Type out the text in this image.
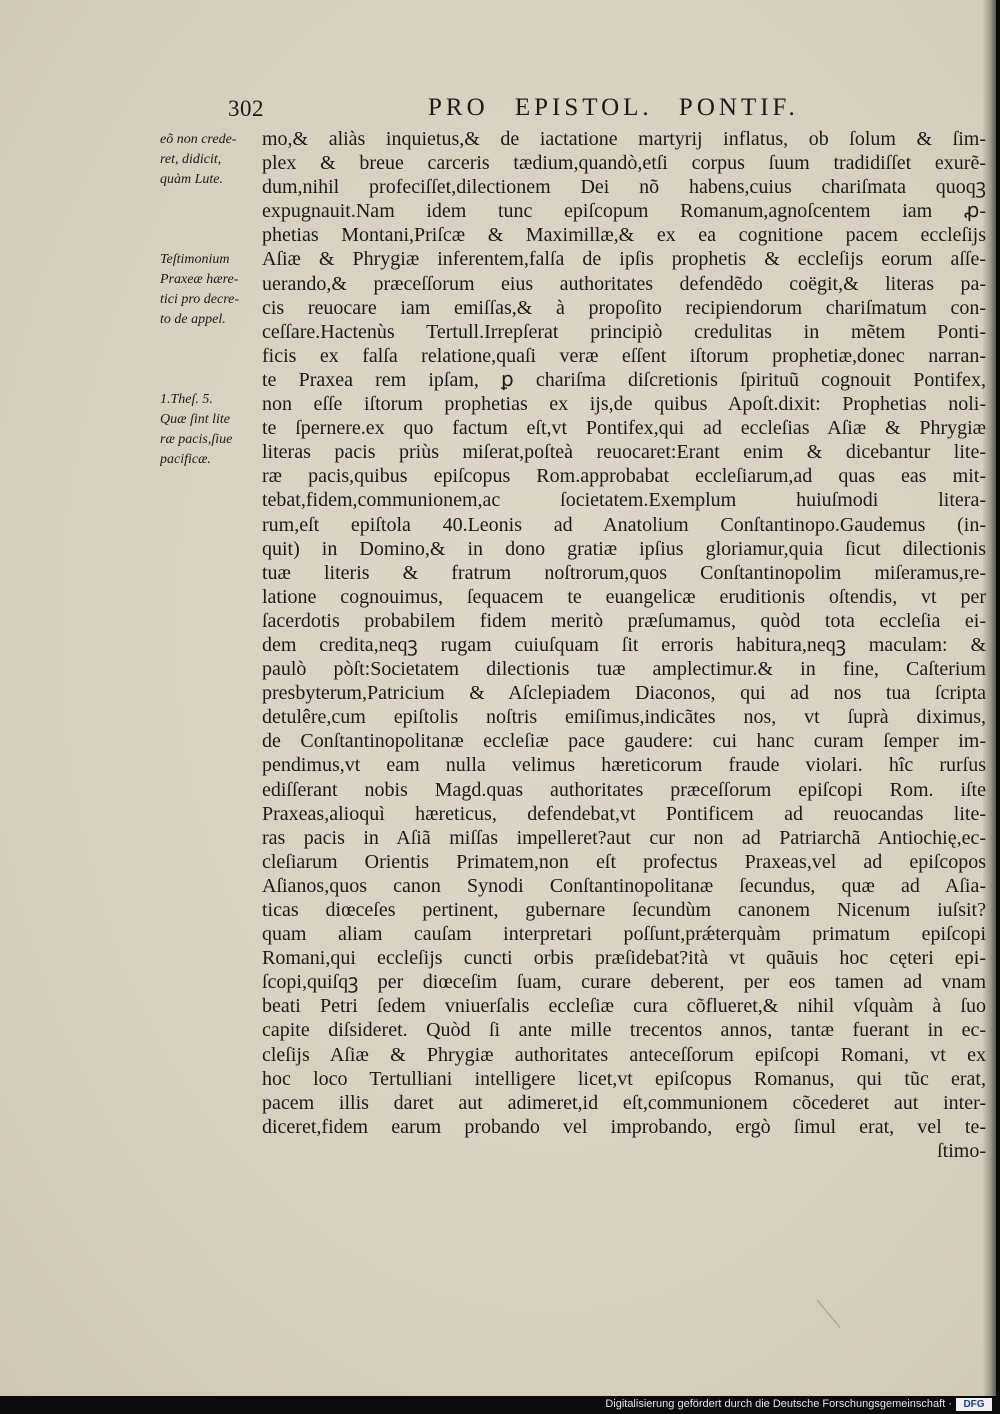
302	PRO EPISTOL. PONTIF.
eõ non crede-
ret, didicit,
quàm Lute.

Teſtimonium
Praxeæ hære-
tici pro decre-
to de appel.

1.Theſ. 5.
Quæ ſint lite
ræ pacis,ſiue
pacificæ.
mo,& aliàs inquietus,& de iactatione martyrij inflatus, ob ſolum & ſim-
plex & breue carceris tædium,quandò,etſi corpus ſuum tradidiſſet exurẽ-
dum,nihil profeciſſet,dilectionem Dei nõ habens,cuius chariſmata quoqꝫ
expugnauit.Nam idem tunc epiſcopum Romanum,agnoſcentem iam ꝓ-
phetias Montani,Priſcæ & Maximillæ,& ex ea cognitione pacem eccleſijs
Aſiæ & Phrygiæ inferentem,falſa de ipſis prophetis & eccleſijs eorum aſſe-
uerando,& præceſſorum eius authoritates defendẽdo coëgit,& literas pa-
cis reuocare iam emiſſas,& à propoſito recipiendorum chariſmatum con-
ceſſare.Hactenùs Tertull.Irrepſerat principiò credulitas in mẽtem Ponti-
ficis ex falſa relatione,quaſi veræ eſſent iſtorum prophetiæ,donec narran-
te Praxea rem ipſam, ꝑ chariſma diſcretionis ſpirituũ cognouit Pontifex,
non eſſe iſtorum prophetias ex ijs,de quibus Apoſt.dixit: Prophetias noli-
te ſpernere.ex quo factum eſt,vt Pontifex,qui ad eccleſias Aſiæ & Phrygiæ
literas pacis priùs miſerat,poſteà reuocaret:Erant enim & dicebantur lite-
ræ pacis,quibus epiſcopus Rom.approbabat eccleſiarum,ad quas eas mit-
tebat,fidem,communionem,ac ſocietatem.Exemplum huiuſmodi litera-
rum,eſt epiſtola 40.Leonis ad Anatolium Conſtantinopo.Gaudemus (in-
quit) in Domino,& in dono gratiæ ipſius gloriamur,quia ſicut dilectionis
tuæ literis & fratrum noſtrorum,quos Conſtantinopolim miſeramus,re-
latione cognouimus, ſequacem te euangelicæ eruditionis oſtendis, vt per
ſacerdotis probabilem fidem meritò præſumamus, quòd tota eccleſia ei-
dem credita,neqꝫ rugam cuiuſquam ſit erroris habitura,neqꝫ maculam: &
paulò pòſt:Societatem dilectionis tuæ amplectimur.& in fine, Caſterium
presbyterum,Patricium & Aſclepiadem Diaconos, qui ad nos tua ſcripta
detulêre,cum epiſtolis noſtris emiſimus,indicãtes nos, vt ſuprà diximus,
de Conſtantinopolitanæ eccleſiæ pace gaudere: cui hanc curam ſemper im-
pendimus,vt eam nulla velimus hæreticorum fraude violari. hîc rurſus
ediſſerant nobis Magd.quas authoritates præceſſorum epiſcopi Rom. iſte
Praxeas,alioquì hæreticus, defendebat,vt Pontificem ad reuocandas lite-
ras pacis in Aſiã miſſas impelleret?aut cur non ad Patriarchã Antiochię,ec-
cleſiarum Orientis Primatem,non eſt profectus Praxeas,vel ad epiſcopos
Aſianos,quos canon Synodi Conſtantinopolitanæ ſecundus, quæ ad Aſia-
ticas diœceſes pertinent, gubernare ſecundùm canonem Nicenum iuſsit?
quam aliam cauſam interpretari poſſunt,prǽterquàm primatum epiſcopi
Romani,qui eccleſijs cuncti orbis præſidebat?ità vt quãuis hoc cęteri epi-
ſcopi,quiſqꝫ per diœceſim ſuam, curare deberent, per eos tamen ad vnam
beati Petri ſedem vniuerſalis eccleſiæ cura cõflueret,& nihil vſquàm à ſuo
capite diſsideret. Quòd ſi ante mille trecentos annos, tantæ fuerant in ec-
cleſijs Aſiæ & Phrygiæ authoritates anteceſſorum epiſcopi Romani, vt ex
hoc loco Tertulliani intelligere licet,vt epiſcopus Romanus, qui tũc erat,
pacem illis daret aut adimeret,id eſt,communionem cõcederet aut inter-
diceret,fidem earum probando vel improbando, ergò ſimul erat, vel te-
ſtimo-
Digitalisierung gefördert durch die Deutsche Forschungsgemeinschaft ·	DFG
